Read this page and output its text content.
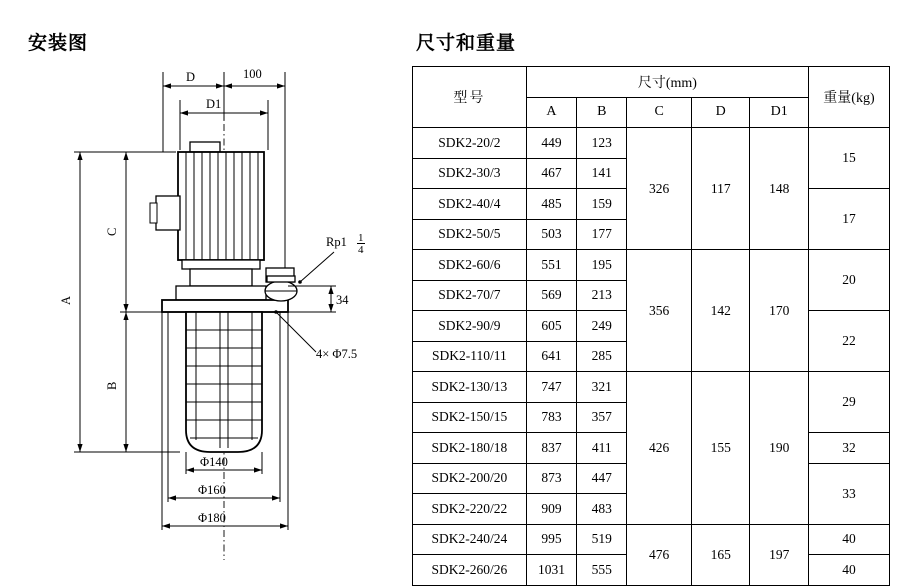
安装图
D	100
D1
34
Rp1 1
4
4× Φ7.5
A
C
B
Φ140
Φ160
Φ180
尺寸和重量
型号	尺寸(mm)					重量(kg)
	A	B	C	D	D1	
SDK2-20/2	449	123	326	117	148	15
SDK2-30/3	467	141				
SDK2-40/4	485	159				17
SDK2-50/5	503	177				
SDK2-60/6	551	195	356	142	170	20
SDK2-70/7	569	213				
SDK2-90/9	605	249				22
SDK2-110/11	641	285				
SDK2-130/13	747	321	426	155	190	29
SDK2-150/15	783	357				
SDK2-180/18	837	411				32
SDK2-200/20	873	447				33
SDK2-220/22	909	483				
SDK2-240/24	995	519	476	165	197	40
SDK2-260/26	1031	555				40
